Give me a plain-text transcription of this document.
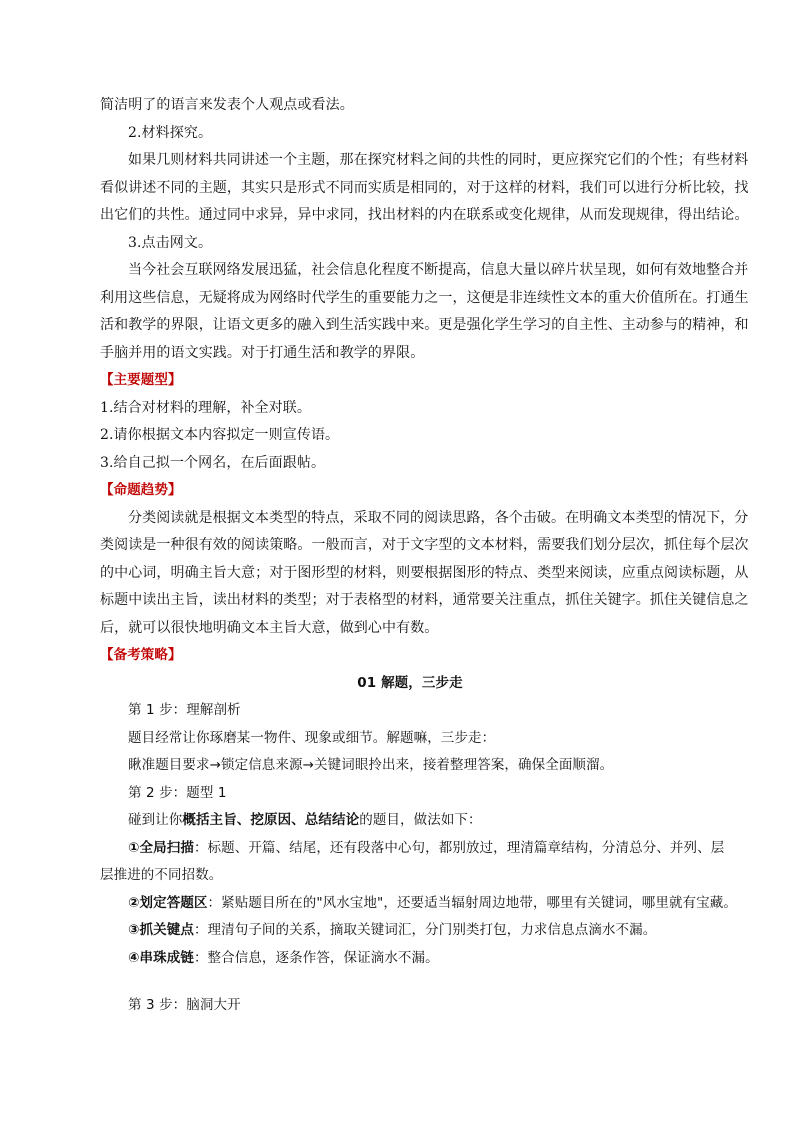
简洁明了的语言来发表个人观点或看法。
2.材料探究。
如果几则材料共同讲述一个主题，那在探究材料之间的共性的同时，更应探究它们的个性；有些材料
看似讲述不同的主题，其实只是形式不同而实质是相同的，对于这样的材料，我们可以进行分析比较，找
出它们的共性。通过同中求异，异中求同，找出材料的内在联系或变化规律，从而发现规律，得出结论。
3.点击网文。
当今社会互联网络发展迅猛，社会信息化程度不断提高，信息大量以碎片状呈现，如何有效地整合并
利用这些信息，无疑将成为网络时代学生的重要能力之一，这便是非连续性文本的重大价值所在。打通生
活和教学的界限，让语文更多的融入到生活实践中来。更是强化学生学习的自主性、主动参与的精神，和
手脑并用的语文实践。对于打通生活和教学的界限。
【主要题型】
1.结合对材料的理解，补全对联。
2.请你根据文本内容拟定一则宣传语。
3.给自己拟一个网名，在后面跟帖。
【命题趋势】
分类阅读就是根据文本类型的特点，采取不同的阅读思路，各个击破。在明确文本类型的情况下，分
类阅读是一种很有效的阅读策略。一般而言，对于文字型的文本材料，需要我们划分层次，抓住每个层次
的中心词，明确主旨大意；对于图形型的材料，则要根据图形的特点、类型来阅读，应重点阅读标题，从
标题中读出主旨，读出材料的类型；对于表格型的材料，通常要关注重点，抓住关键字。抓住关键信息之
后，就可以很快地明确文本主旨大意，做到心中有数。
【备考策略】
01 解题，三步走
第 1 步：理解剖析
题目经常让你琢磨某一物件、现象或细节。解题嘛，三步走：
瞅准题目要求→锁定信息来源→关键词眼拎出来，接着整理答案，确保全面顺溜。
第 2 步：题型 1
碰到让你概括主旨、挖原因、总结结论的题目，做法如下：
①全局扫描：标题、开篇、结尾，还有段落中心句，都别放过，理清篇章结构，分清总分、并列、层
层推进的不同招数。
②划定答题区：紧贴题目所在的"风水宝地"，还要适当辐射周边地带，哪里有关键词，哪里就有宝藏。
③抓关键点：理清句子间的关系，摘取关键词汇，分门别类打包，力求信息点滴水不漏。
④串珠成链：整合信息，逐条作答，保证滴水不漏。
第 3 步：脑洞大开
